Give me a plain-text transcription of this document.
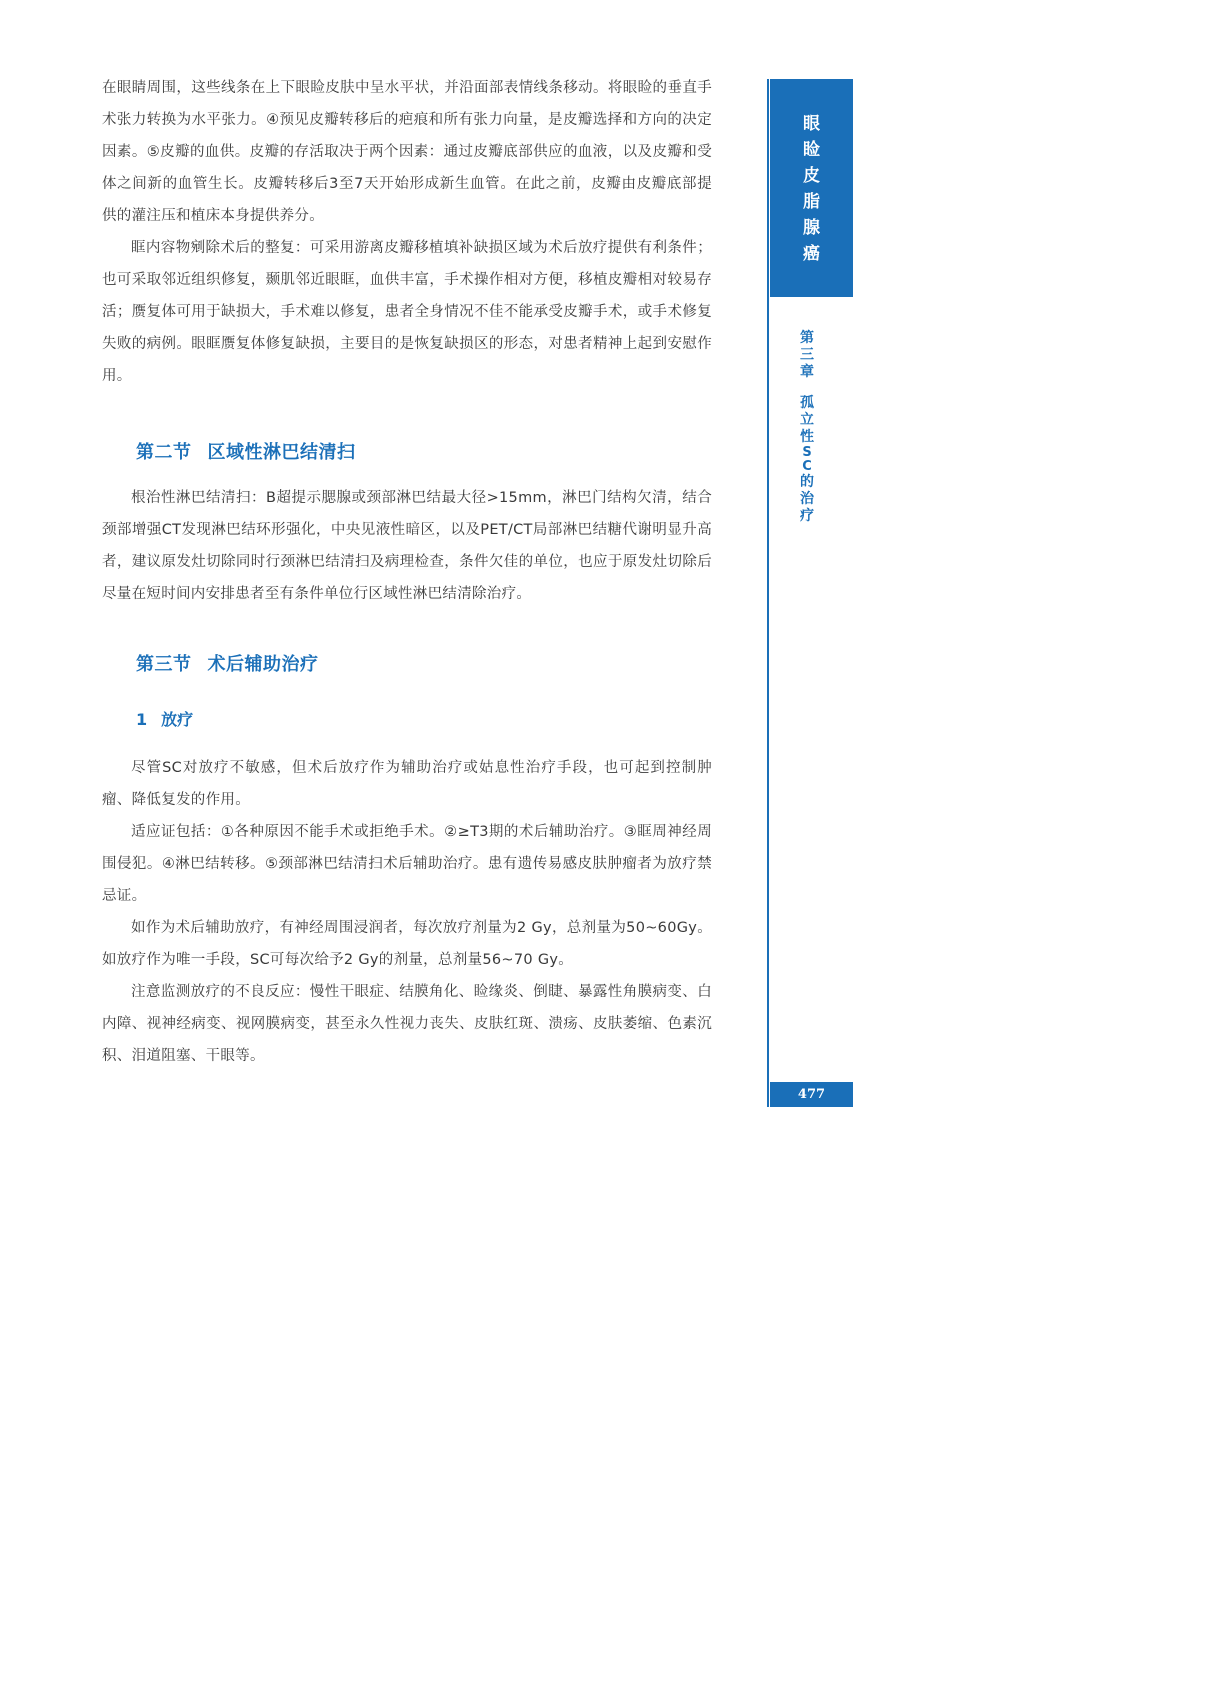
在眼睛周围，这些线条在上下眼睑皮肤中呈水平状，并沿面部表情线条移动。将眼睑的垂直手术张力转换为水平张力。④预见皮瓣转移后的疤痕和所有张力向量，是皮瓣选择和方向的决定因素。⑤皮瓣的血供。皮瓣的存活取决于两个因素：通过皮瓣底部供应的血液，以及皮瓣和受体之间新的血管生长。皮瓣转移后3至7天开始形成新生血管。在此之前，皮瓣由皮瓣底部提供的灌注压和植床本身提供养分。

眶内容物剜除术后的整复：可采用游离皮瓣移植填补缺损区域为术后放疗提供有利条件；也可采取邻近组织修复，颞肌邻近眼眶，血供丰富，手术操作相对方便，移植皮瓣相对较易存活；赝复体可用于缺损大，手术难以修复，患者全身情况不佳不能承受皮瓣手术，或手术修复失败的病例。眼眶赝复体修复缺损，主要目的是恢复缺损区的形态，对患者精神上起到安慰作用。

第二节 区域性淋巴结清扫

根治性淋巴结清扫：B超提示腮腺或颈部淋巴结最大径>15mm，淋巴门结构欠清，结合颈部增强CT发现淋巴结环形强化，中央见液性暗区，以及PET/CT局部淋巴结糖代谢明显升高者，建议原发灶切除同时行颈淋巴结清扫及病理检查，条件欠佳的单位，也应于原发灶切除后尽量在短时间内安排患者至有条件单位行区域性淋巴结清除治疗。

第三节 术后辅助治疗
1 放疗

尽管SC对放疗不敏感，但术后放疗作为辅助治疗或姑息性治疗手段，也可起到控制肿瘤、降低复发的作用。

适应证包括：①各种原因不能手术或拒绝手术。②≥T3期的术后辅助治疗。③眶周神经周围侵犯。④淋巴结转移。⑤颈部淋巴结清扫术后辅助治疗。患有遗传易感皮肤肿瘤者为放疗禁忌证。

如作为术后辅助放疗，有神经周围浸润者，每次放疗剂量为2 Gy，总剂量为50~60Gy。如放疗作为唯一手段，SC可每次给予2 Gy的剂量，总剂量56~70 Gy。

注意监测放疗的不良反应：慢性干眼症、结膜角化、睑缘炎、倒睫、暴露性角膜病变、白内障、视神经病变、视网膜病变，甚至永久性视力丧失、皮肤红斑、溃疡、皮肤萎缩、色素沉积、泪道阻塞、干眼等。

眼
睑
皮
脂
腺
癌
第
三
章
孤
立
性
S
C
的
治
疗
477
